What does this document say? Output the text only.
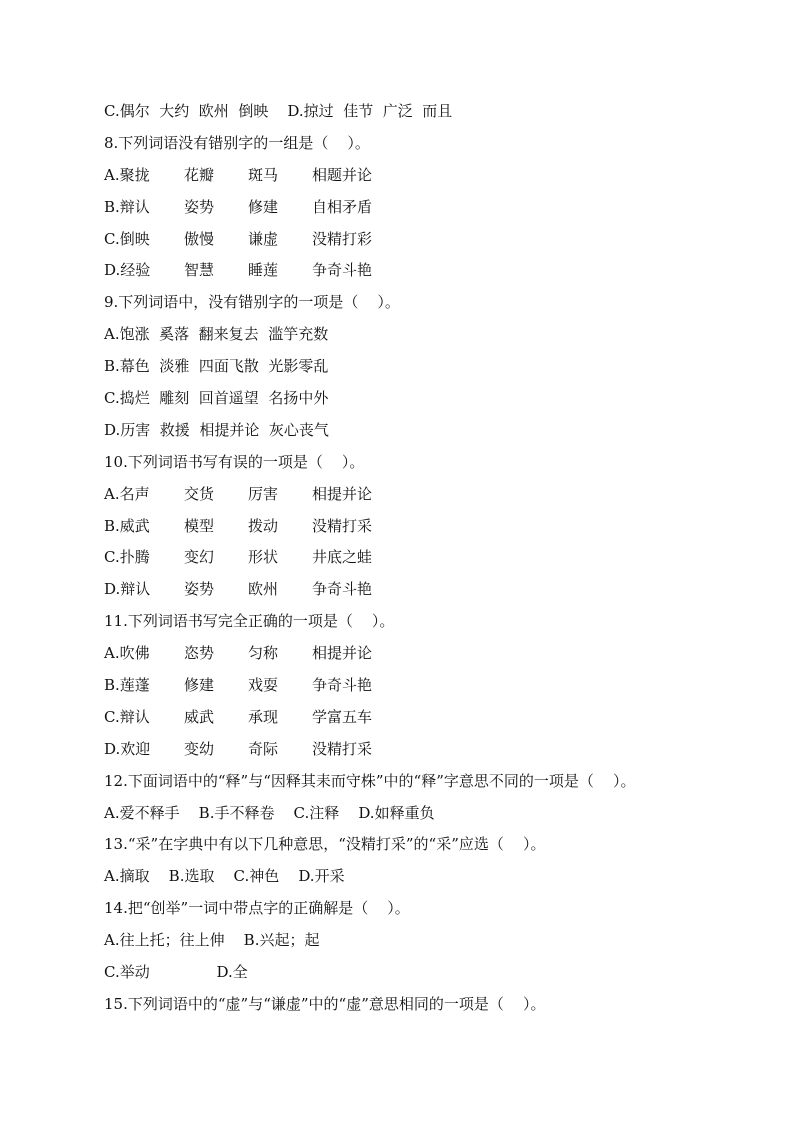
C.偶尔  大约  欧州  倒映    D.掠过  佳节  广泛  而且
8.下列词语没有错别字的一组是（    ）。
A.聚拢	花瓣	斑马	相题并论
B.辩认	姿势	修建	自相矛盾
C.倒映	傲慢	谦虚	没精打彩
D.经验	智慧	睡莲	争奇斗艳
9.下列词语中，没有错别字的一项是（    ）。
A.饱涨  奚落  翻来复去  滥竽充数
B.幕色  淡雅  四面飞散  光影零乱
C.捣烂  雕刻  回首遥望  名扬中外
D.历害  救援  相提并论  灰心丧气
10.下列词语书写有误的一项是（    ）。
A.名声	交货	厉害	相提并论
B.威武	模型	拨动	没精打采
C.扑腾	变幻	形状	井底之蛙
D.辩认	姿势	欧州	争奇斗艳
11.下列词语书写完全正确的一项是（    ）。
A.吹佛	恣势	匀称	相提并论
B.莲蓬	修建	戏耍	争奇斗艳
C.辩认	威武	承现	学富五车
D.欢迎	变幼	奇际	没精打采
12.下面词语中的“释”与“因释其耒而守株”中的“释”字意思不同的一项是（    ）。
A.爱不释手    B.手不释卷    C.注释    D.如释重负
13.“采”在字典中有以下几种意思，“没精打采”的“采”应选（    ）。
A.摘取    B.选取    C.神色    D.开采
14.把“创举”一词中带点字的正确解是（    ）。
A.往上托；往上伸    B.兴起；起
C.举动              D.全
15.下列词语中的“虚”与“谦虚”中的“虚”意思相同的一项是（    ）。
